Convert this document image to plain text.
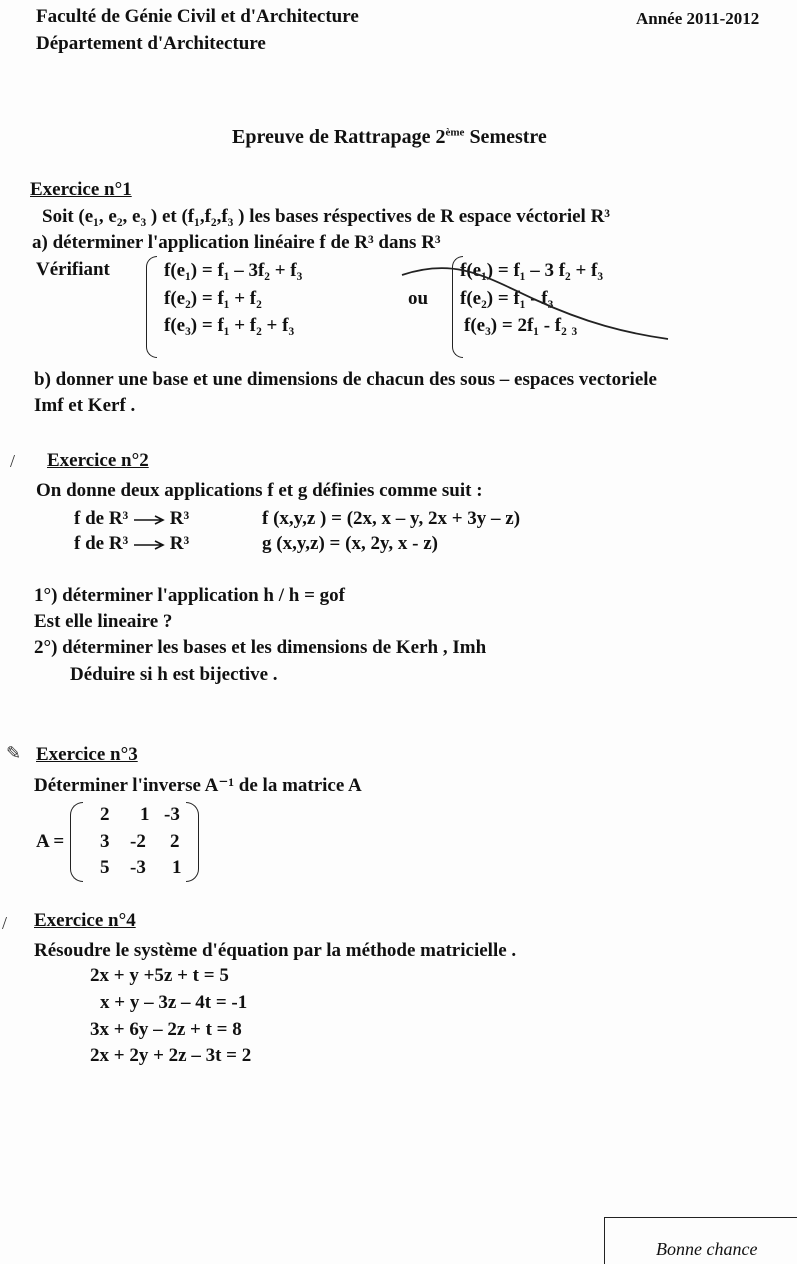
Faculté de Génie Civil et d'Architecture
Département d'Architecture
Année 2011-2012
Epreuve de Rattrapage 2ème Semestre
Exercice n°1
Soit (e₁, e₂, e₃ ) et (f₁,f₂,f₃ ) les bases réspectives de R espace véctoriel R³
a) déterminer l'application linéaire f de R³ dans R³
Vérifiant	f(e₁) = f₁ – 3f₂ + f₃
f(e₂) = f₁ + f₂
f(e₃) = f₁ + f₂ + f₃
ou
f(e₁) = f₁ – 3 f₂ + f₃
f(e₂) = f₁ - f₃
f(e₃) = 2f₁ - f₂ ₃
b) donner une base et une dimensions de chacun des sous – espaces vectoriele
Imf et Kerf .
/ Exercice n°2
On donne deux applications f et g définies comme suit :
f de R³ R³	f (x,y,z ) = (2x, x – y, 2x + 3y – z)
f de R³ R³	g (x,y,z) = (x, 2y, x - z)
1°) déterminer l'application h / h = gof
Est elle lineaire ?
2°) déterminer les bases et les dimensions de Kerh , Imh
Déduire si h est bijective .
✎ Exercice n°3
Déterminer l'inverse A⁻¹ de la matrice A
A =
2 1 -3
3 -2 2
5 -3 1
/ Exercice n°4
Résoudre le système d'équation par la méthode matricielle .
2x + y +5z + t = 5
x + y – 3z – 4t = -1
3x + 6y – 2z + t = 8
2x + 2y + 2z – 3t = 2
Bonne chance
